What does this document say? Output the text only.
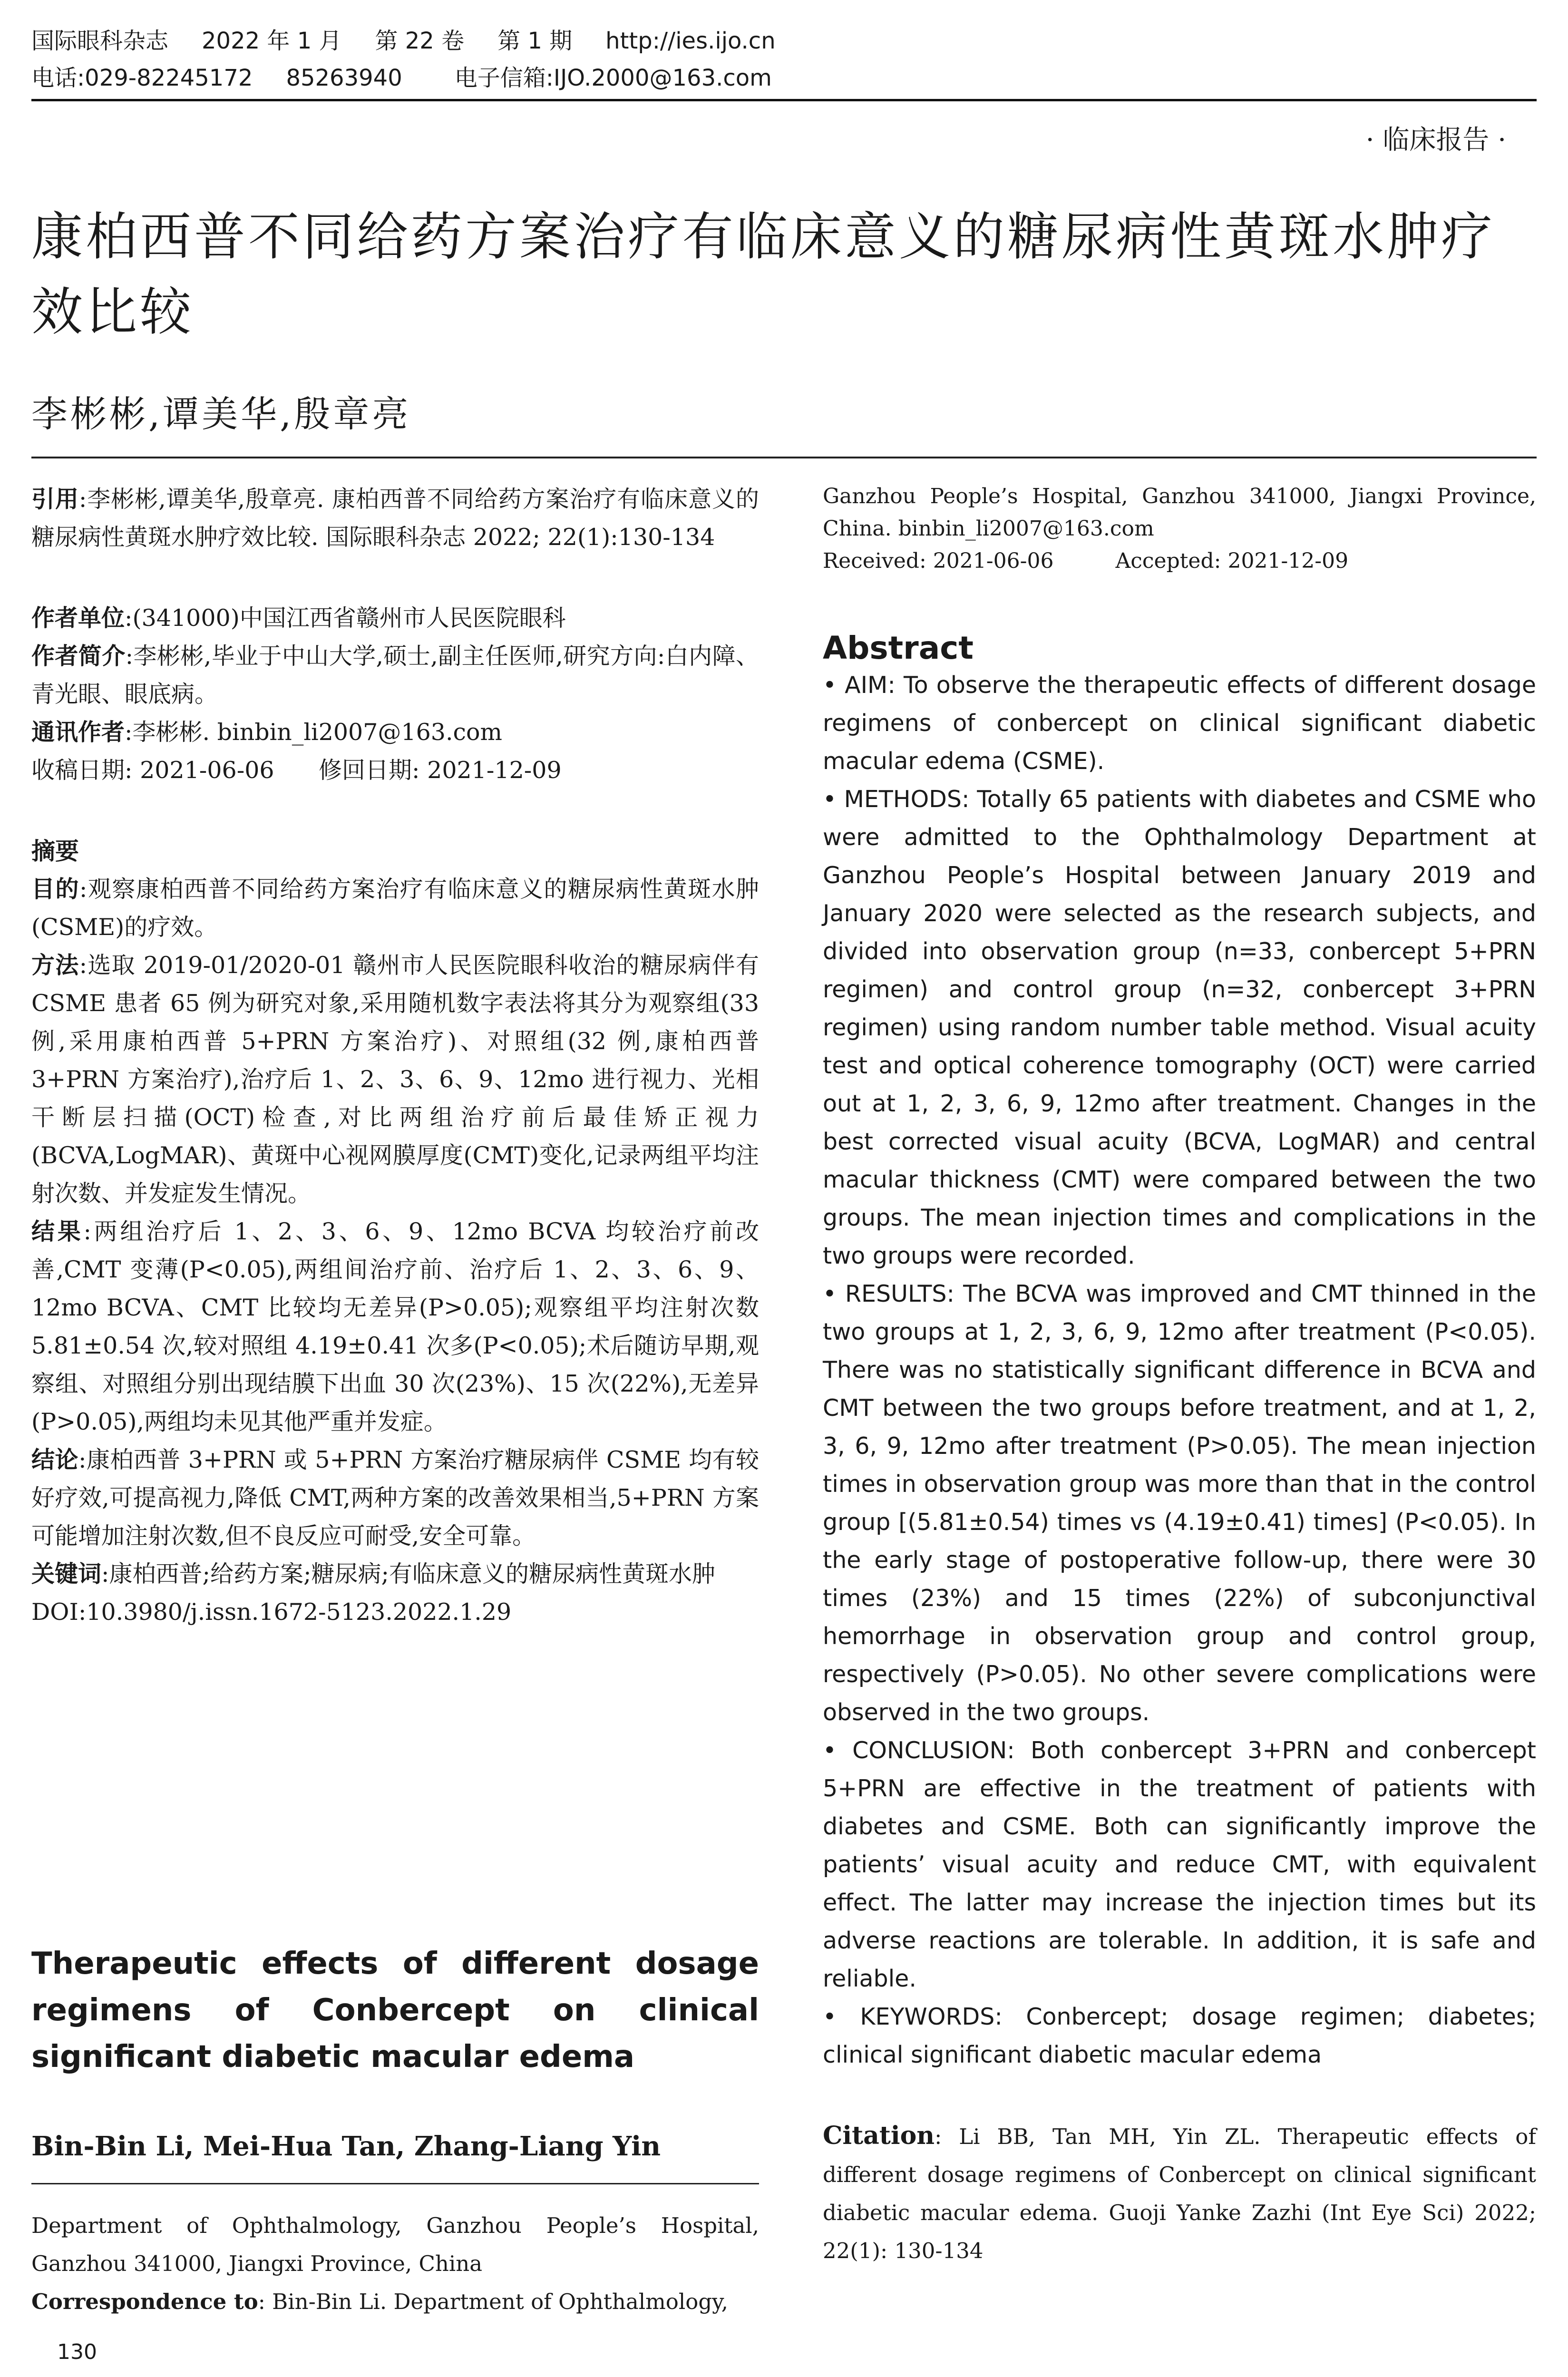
国际眼科杂志 2022 年 1 月 第 22 卷 第 1 期 http://ies.ijo.cn
电话:029-82245172 85263940 电子信箱:IJO.2000@163.com
· 临床报告 ·
康柏西普不同给药方案治疗有临床意义的糖尿病性黄斑水肿疗效比较
李彬彬,谭美华,殷章亮

引用:李彬彬,谭美华,殷章亮. 康柏西普不同给药方案治疗有临床意义的糖尿病性黄斑水肿疗效比较. 国际眼科杂志 2022; 22(1):130-134

作者单位:(341000)中国江西省赣州市人民医院眼科

作者简介:李彬彬,毕业于中山大学,硕士,副主任医师,研究方向:白内障、青光眼、眼底病。

通讯作者:李彬彬. binbin_li2007@163.com

收稿日期: 2021-06-06      修回日期: 2021-12-09

摘要

目的:观察康柏西普不同给药方案治疗有临床意义的糖尿病性黄斑水肿(CSME)的疗效。

方法:选取 2019-01/2020-01 赣州市人民医院眼科收治的糖尿病伴有 CSME 患者 65 例为研究对象,采用随机数字表法将其分为观察组(33 例,采用康柏西普 5+PRN 方案治疗)、对照组(32 例,康柏西普 3+PRN 方案治疗),治疗后 1、2、3、6、9、12mo 进行视力、光相干断层扫描(OCT)检查,对比两组治疗前后最佳矫正视力(BCVA,LogMAR)、黄斑中心视网膜厚度(CMT)变化,记录两组平均注射次数、并发症发生情况。

结果:两组治疗后 1、2、3、6、9、12mo BCVA 均较治疗前改善,CMT 变薄(P<0.05),两组间治疗前、治疗后 1、2、3、6、9、12mo BCVA、CMT 比较均无差异(P>0.05);观察组平均注射次数 5.81±0.54 次,较对照组 4.19±0.41 次多(P<0.05);术后随访早期,观察组、对照组分别出现结膜下出血 30 次(23%)、15 次(22%),无差异(P>0.05),两组均未见其他严重并发症。

结论:康柏西普 3+PRN 或 5+PRN 方案治疗糖尿病伴 CSME 均有较好疗效,可提高视力,降低 CMT,两种方案的改善效果相当,5+PRN 方案可能增加注射次数,但不良反应可耐受,安全可靠。

关键词:康柏西普;给药方案;糖尿病;有临床意义的糖尿病性黄斑水肿

DOI:10.3980/j.issn.1672-5123.2022.1.29

Therapeutic effects of different dosage regimens of Conbercept on clinical significant diabetic macular edema
Bin-Bin Li, Mei-Hua Tan, Zhang-Liang Yin

Department of Ophthalmology, Ganzhou People’s Hospital, Ganzhou 341000, Jiangxi Province, China

Correspondence to: Bin-Bin Li. Department of Ophthalmology,

130

Ganzhou People’s Hospital, Ganzhou 341000, Jiangxi Province, China. binbin_li2007@163.com

Received: 2021-06-06	Accepted: 2021-12-09

Abstract

• AIM: To observe the therapeutic effects of different dosage regimens of conbercept on clinical significant diabetic macular edema (CSME).

• METHODS: Totally 65 patients with diabetes and CSME who were admitted to the Ophthalmology Department at Ganzhou People’s Hospital between January 2019 and January 2020 were selected as the research subjects, and divided into observation group (n=33, conbercept 5+PRN regimen) and control group (n=32, conbercept 3+PRN regimen) using random number table method. Visual acuity test and optical coherence tomography (OCT) were carried out at 1, 2, 3, 6, 9, 12mo after treatment. Changes in the best corrected visual acuity (BCVA, LogMAR) and central macular thickness (CMT) were compared between the two groups. The mean injection times and complications in the two groups were recorded.

• RESULTS: The BCVA was improved and CMT thinned in the two groups at 1, 2, 3, 6, 9, 12mo after treatment (P<0.05). There was no statistically significant difference in BCVA and CMT between the two groups before treatment, and at 1, 2, 3, 6, 9, 12mo after treatment (P>0.05). The mean injection times in observation group was more than that in the control group [(5.81±0.54) times vs (4.19±0.41) times] (P<0.05). In the early stage of postoperative follow-up, there were 30 times (23%) and 15 times (22%) of subconjunctival hemorrhage in observation group and control group, respectively (P>0.05). No other severe complications were observed in the two groups.

• CONCLUSION: Both conbercept 3+PRN and conbercept 5+PRN are effective in the treatment of patients with diabetes and CSME. Both can significantly improve the patients’ visual acuity and reduce CMT, with equivalent effect. The latter may increase the injection times but its adverse reactions are tolerable. In addition, it is safe and reliable.

• KEYWORDS: Conbercept; dosage regimen; diabetes; clinical significant diabetic macular edema

Citation: Li BB, Tan MH, Yin ZL. Therapeutic effects of different dosage regimens of Conbercept on clinical significant diabetic macular edema. Guoji Yanke Zazhi (Int Eye Sci) 2022; 22(1): 130-134
